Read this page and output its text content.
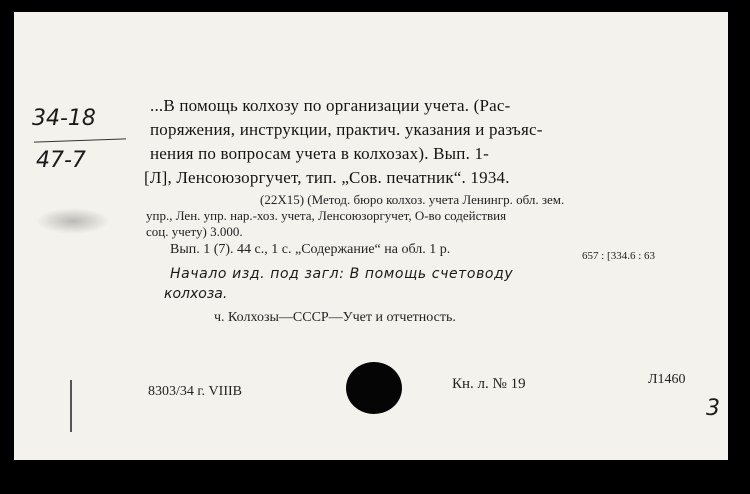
34-18
47-7
...В помощь колхозу по организации учета. (Рас-
поряжения, инструкции, практич. указания и разъяс-
нения по вопросам учета в колхозах). Вып. 1-
[Л], Ленсоюзоргучет, тип. „Сов. печатник“. 1934.
(22X15) (Метод. бюро колхоз. учета Ленингр. обл. зем.
упр., Лен. упр. нар.-хоз. учета, Ленсоюзоргучет, О-во содействия
соц. учету) 3.000.
Вып. 1 (7). 44 с., 1 с. „Содержание“ на обл. 1 р.	657 : [334.6 : 63
Начало изд. под загл: В помощь счетоводу
колхоза.
ч. Колхозы—СССР—Учет и отчетность.
8303/34 г. VIIIB	Кн. л. № 19	Л1460
3
